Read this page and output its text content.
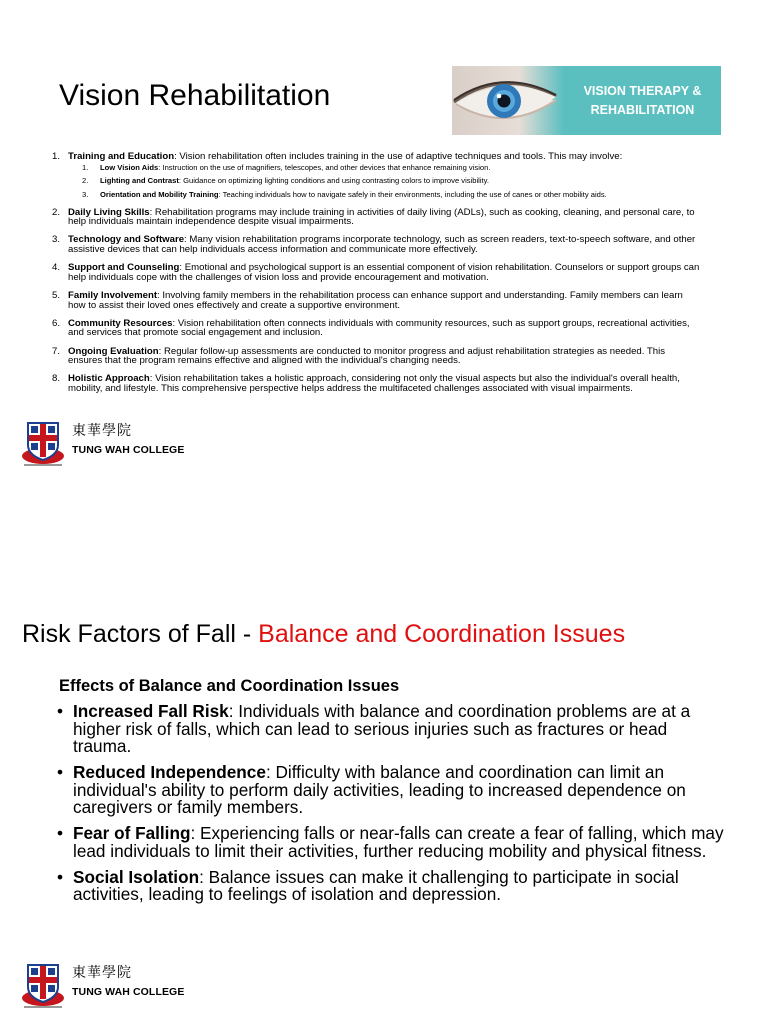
Vision Rehabilitation	VISION THERAPY &
REHABILITATION
1. Training and Education: Vision rehabilitation often includes training in the use of adaptive techniques and tools. This may involve:
1. Low Vision Aids: Instruction on the use of magnifiers, telescopes, and other devices that enhance remaining vision.
2. Lighting and Contrast: Guidance on optimizing lighting conditions and using contrasting colors to improve visibility.
3. Orientation and Mobility Training: Teaching individuals how to navigate safely in their environments, including the use of canes or other mobility aids.
2. Daily Living Skills: Rehabilitation programs may include training in activities of daily living (ADLs), such as cooking, cleaning, and personal care, to help individuals maintain independence despite visual impairments.
3. Technology and Software: Many vision rehabilitation programs incorporate technology, such as screen readers, text-to-speech software, and other assistive devices that can help individuals access information and communicate more effectively.
4. Support and Counseling: Emotional and psychological support is an essential component of vision rehabilitation. Counselors or support groups can help individuals cope with the challenges of vision loss and provide encouragement and motivation.
5. Family Involvement: Involving family members in the rehabilitation process can enhance support and understanding. Family members can learn how to assist their loved ones effectively and create a supportive environment.
6. Community Resources: Vision rehabilitation often connects individuals with community resources, such as support groups, recreational activities, and services that promote social engagement and inclusion.
7. Ongoing Evaluation: Regular follow-up assessments are conducted to monitor progress and adjust rehabilitation strategies as needed. This ensures that the program remains effective and aligned with the individual's changing needs.
8. Holistic Approach: Vision rehabilitation takes a holistic approach, considering not only the visual aspects but also the individual's overall health, mobility, and lifestyle. This comprehensive perspective helps address the multifaceted challenges associated with visual impairments.
東華學院
TUNG WAH COLLEGE
Risk Factors of Fall - Balance and Coordination Issues
Effects of Balance and Coordination Issues
• Increased Fall Risk: Individuals with balance and coordination problems are at a higher risk of falls, which can lead to serious injuries such as fractures or head trauma.
• Reduced Independence: Difficulty with balance and coordination can limit an individual's ability to perform daily activities, leading to increased dependence on caregivers or family members.
• Fear of Falling: Experiencing falls or near-falls can create a fear of falling, which may lead individuals to limit their activities, further reducing mobility and physical fitness.
• Social Isolation: Balance issues can make it challenging to participate in social activities, leading to feelings of isolation and depression.
東華學院
TUNG WAH COLLEGE
